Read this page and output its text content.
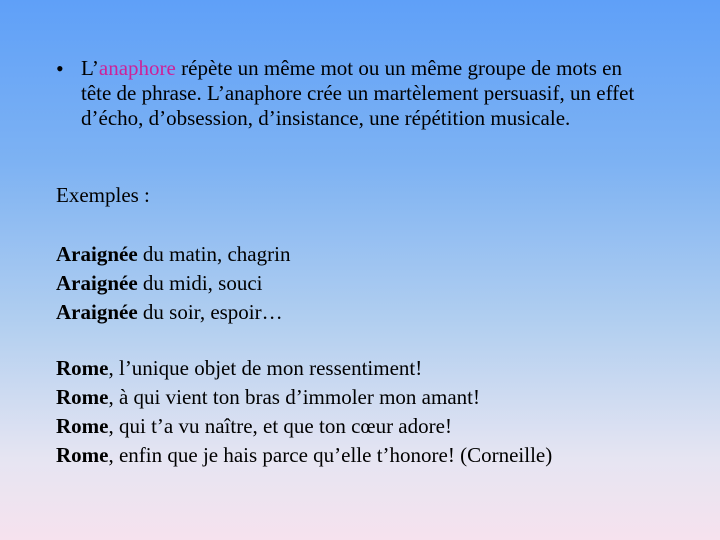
• L’anaphore répète un même mot ou un même groupe de mots en tête de phrase. L’anaphore crée un martèlement persuasif, un effet d’écho, d’obsession, d’insistance, une répétition musicale.
Exemples :
Araignée du matin, chagrin
Araignée du midi, souci
Araignée du soir, espoir…
Rome, l’unique objet de mon ressentiment!
Rome, à qui vient ton bras d’immoler mon amant!
Rome, qui t’a vu naître, et que ton cœur adore!
Rome, enfin que je hais parce qu’elle t’honore! (Corneille)
